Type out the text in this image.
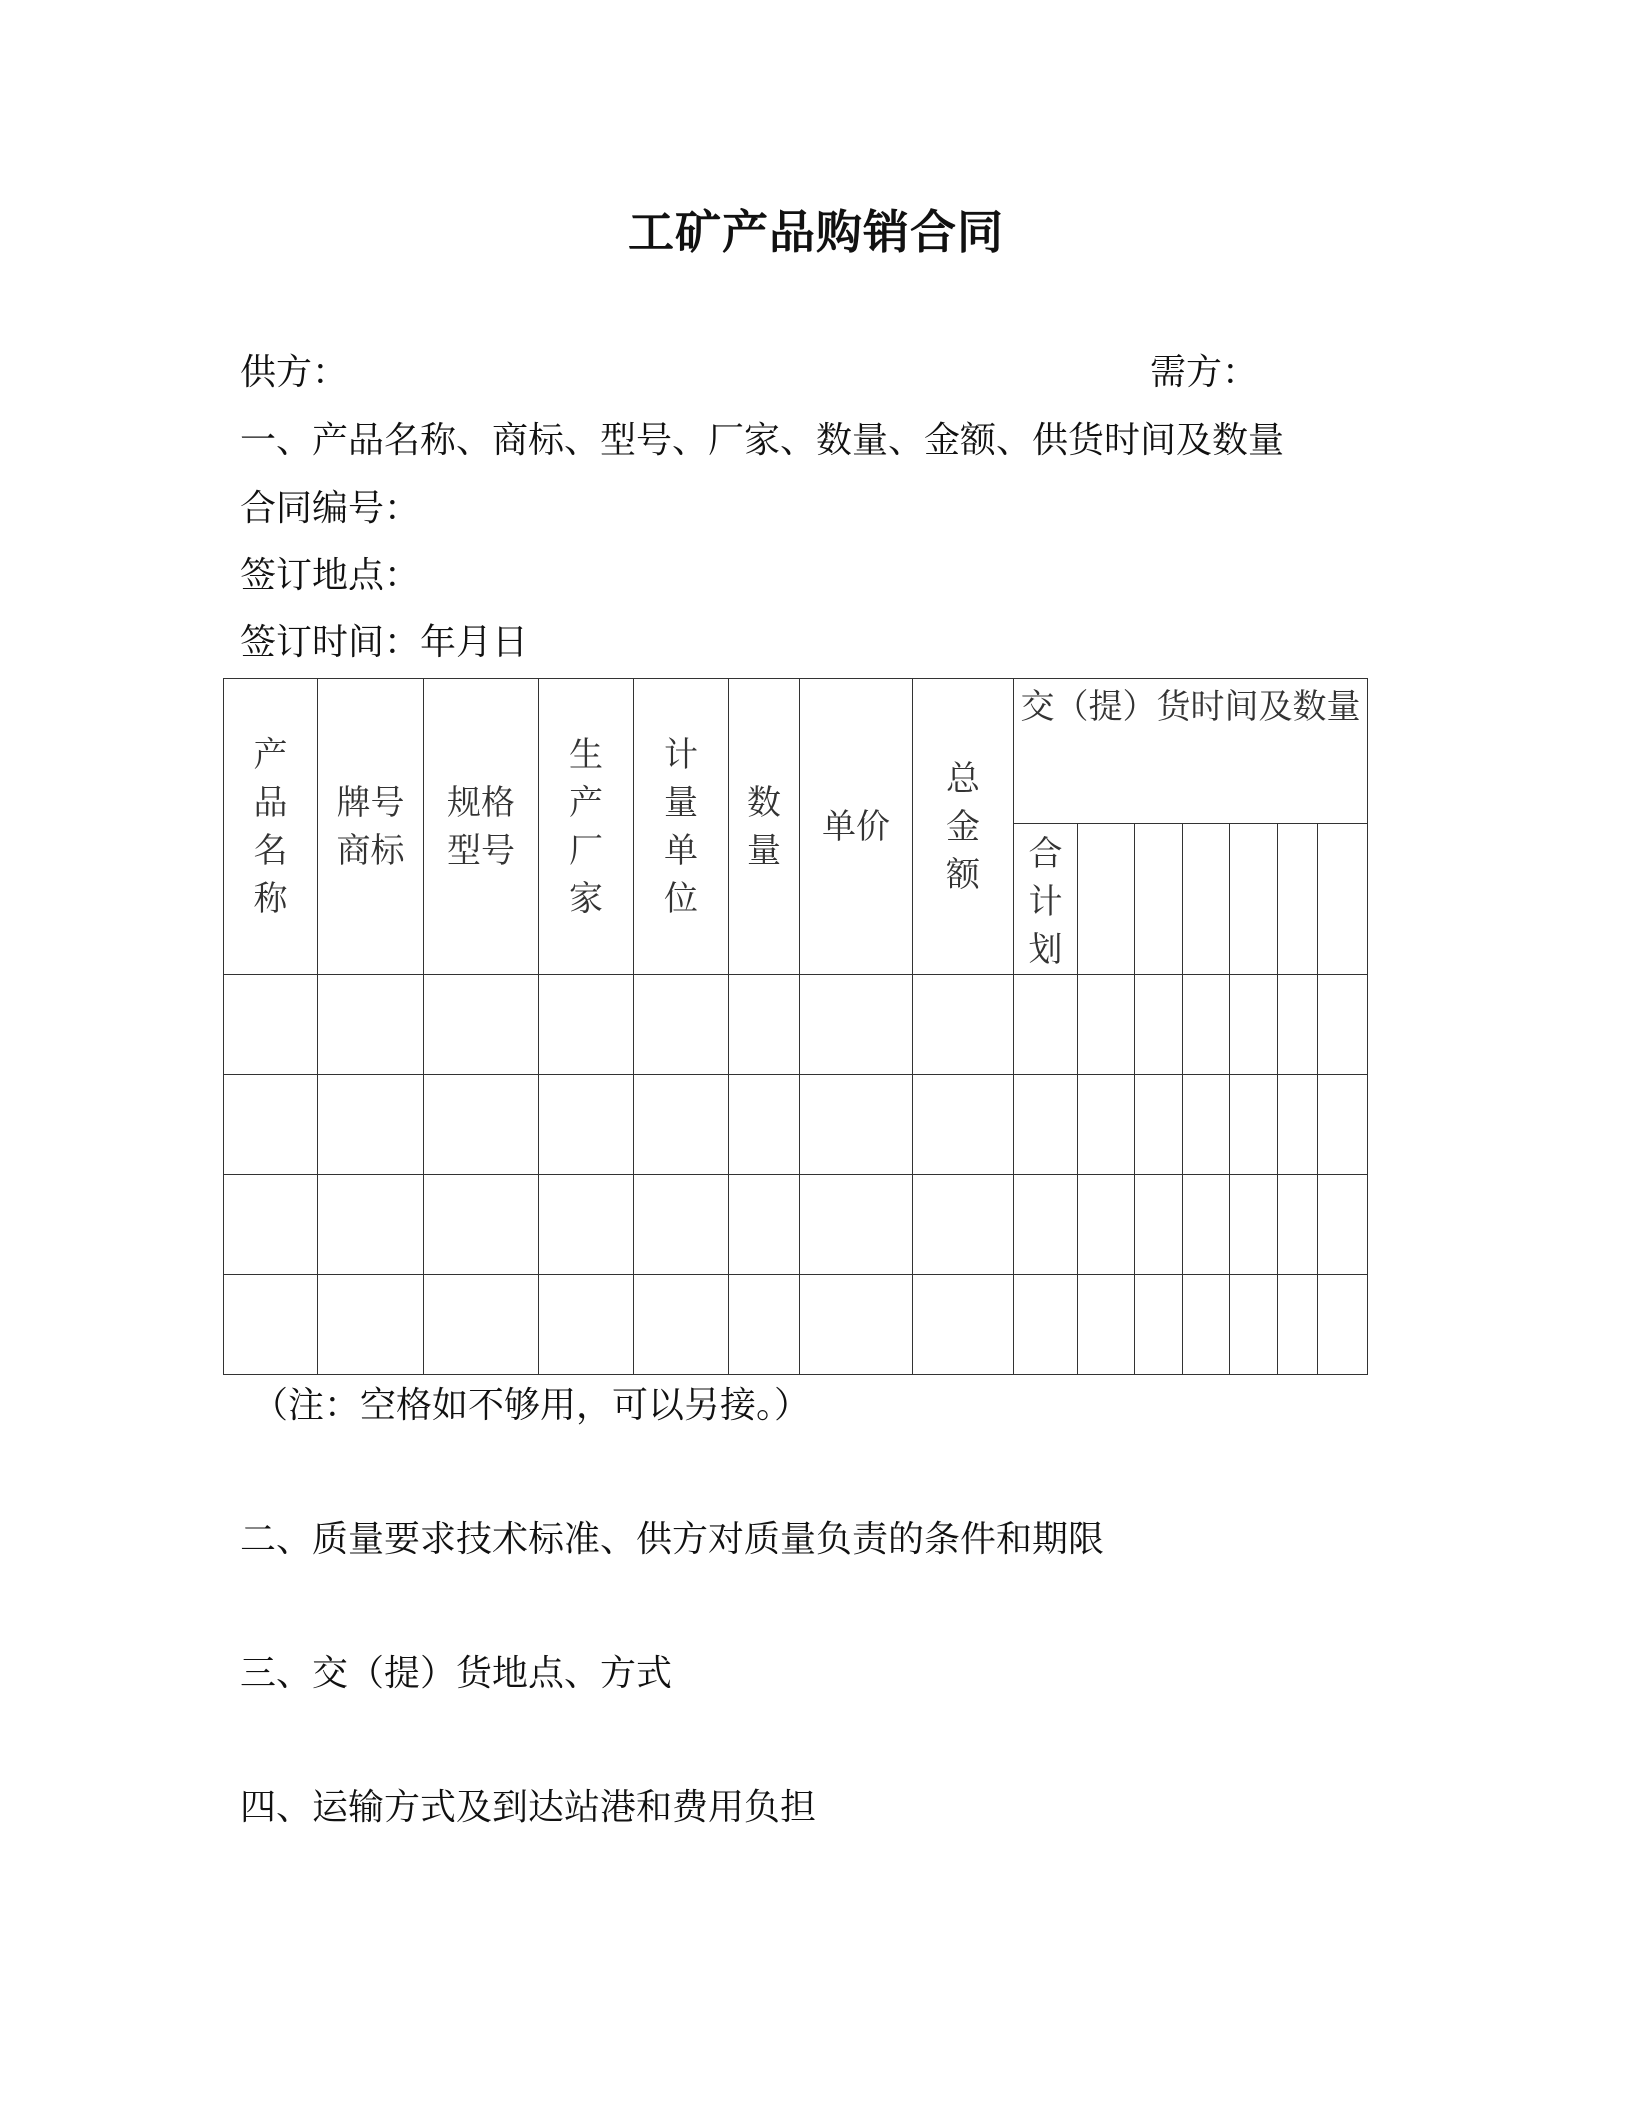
工矿产品购销合同
供方：	需方：
一、产品名称、商标、型号、厂家、数量、金额、供货时间及数量
合同编号：
签订地点：
签订时间：年月日
产品名称	牌号商标	规格型号	生产厂家	计量单位	数量	单价	总金额	交（提）货时间及数量						
								合计划						

（注：空格如不够用，可以另接。）
二、质量要求技术标准、供方对质量负责的条件和期限
三、交（提）货地点、方式
四、运输方式及到达站港和费用负担
